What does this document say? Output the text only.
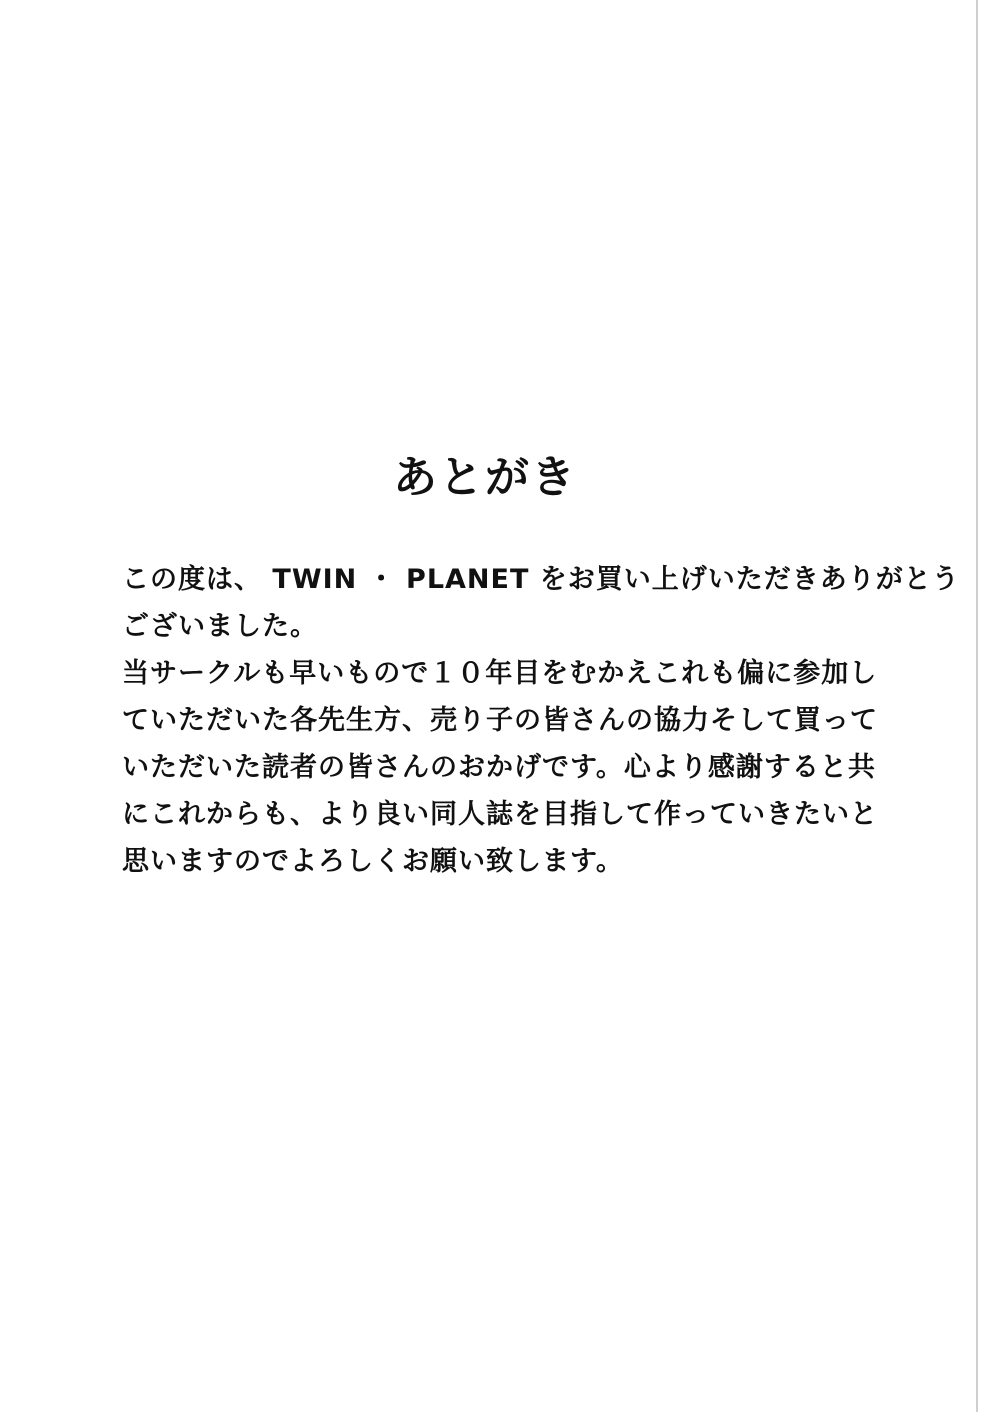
あとがき
この度は、 TWIN ・ PLANET をお買い上げいただきありがとう
ございました。
当サークルも早いもので１０年目をむかえこれも偏に参加し
ていただいた各先生方、売り子の皆さんの協力そして買って
いただいた読者の皆さんのおかげです。心より感謝すると共
にこれからも、より良い同人誌を目指して作っていきたいと
思いますのでよろしくお願い致します。
